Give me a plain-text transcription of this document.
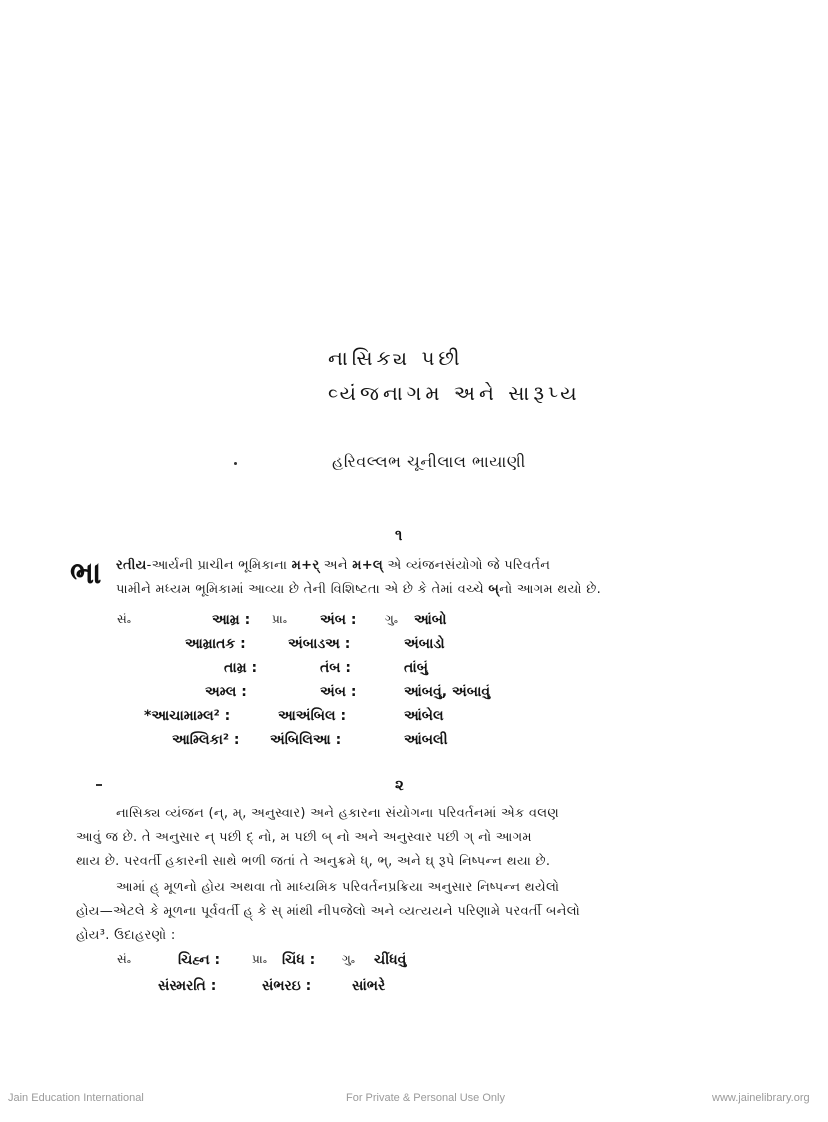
નાસિક્ય પછી
વ્યંજનાગમ અને સારૂપ્ય
હરિવલ્લભ ચૂનીલાલ ભાયાણી
૧
ભા રતીય-આર્યની પ્રાચીન ભૂમિકાના મ+ર્ અને મ+લ્ એ વ્યંજનસંયોગો જે પરિવર્તન
પામીને મધ્યમ ભૂમિકામાં આવ્યા છે તેની વિશિષ્ટતા એ છે કે તેમાં વચ્ચે બ્નો આગમ થયો છે.
સં૰	આમ્ર : પ્રા૰ અંબ : ગુ૰ આંબો
આમ્રાતક :	અંબાડઅ :	અંબાડો
તામ્ર :	તંબ :	તાંબું
અમ્લ :	અંબ :	આંબવું, અંબાવું
*આચામામ્લ² :	આઅંબિલ :	આંબેલ
આમ્લિકા² : અંબિલિઆ :	આંબલી
૨
નાસિક્ય વ્યંજન (ન્, મ્, અનુસ્વાર) અને હકારના સંયોગના પરિવર્તનમાં એક વલણ
આવું જ છે. તે અનુસાર ન્ પછી દ્ નો, મ પછી બ્ નો અને અનુસ્વાર પછી ગ્ નો આગમ
થાય છે. પરવર્તી હકારની સાથે ભળી જતાં તે અનુક્રમે ધ્, ભ્, અને ઘ્ રૂપે નિષ્પન્ન થયા છે.
આમાં હ્ મૂળનો હોય અથવા તો માધ્યમિક પરિવર્તનપ્રક્રિયા અનુસાર નિષ્પન્ન થયેલો
હોય—એટલે કે મૂળના પૂર્વવર્તી હ્ કે સ્ માંથી નીપજેલો અને વ્યત્યયને પરિણામે પરવર્તી બનેલો
હોય³. ઉદાહરણો :
સં૰	ચિહ્ન :	પ્રા૰ ચિંધ : ગુ૰ ચીંધવું
સંસ્મરતિ :	સંભરઇ :	સાંભરે
Jain Education International	For Private & Personal Use Only	www.jainelibrary.org
